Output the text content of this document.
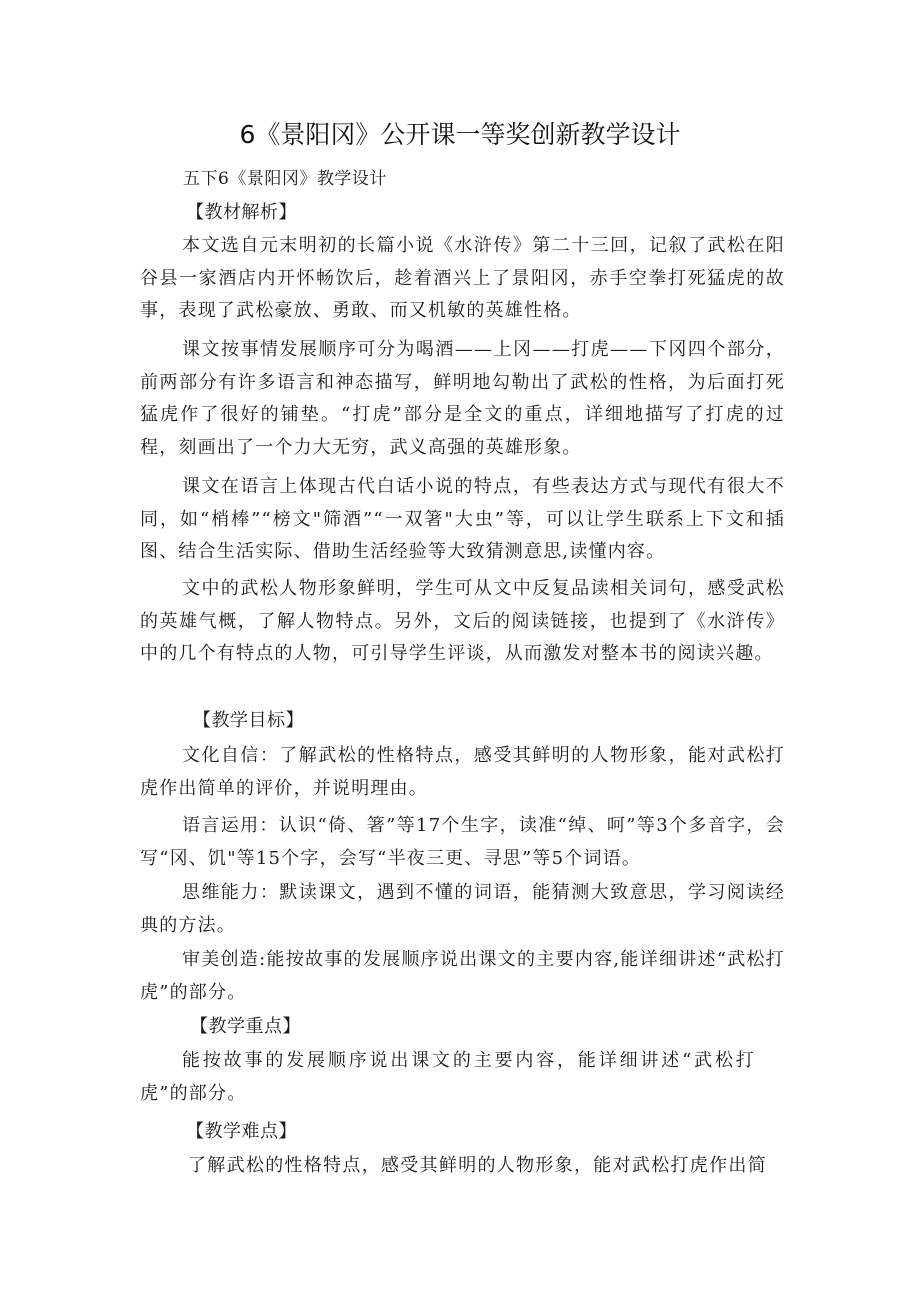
6《景阳冈》公开课一等奖创新教学设计
五下6《景阳冈》教学设计
【教材解析】

本文选自元末明初的长篇小说《水浒传》第二十三回，记叙了武松在阳谷县一家酒店内开怀畅饮后，趁着酒兴上了景阳冈，赤手空拳打死猛虎的故事，表现了武松豪放、勇敢、而又机敏的英雄性格。

课文按事情发展顺序可分为喝酒——上冈——打虎——下冈四个部分，前两部分有许多语言和神态描写，鲜明地勾勒出了武松的性格，为后面打死猛虎作了很好的铺垫。“打虎”部分是全文的重点，详细地描写了打虎的过程，刻画出了一个力大无穷，武义高强的英雄形象。

课文在语言上体现古代白话小说的特点，有些表达方式与现代有很大不同，如“梢棒”“榜文"筛酒”“一双箸"大虫”等，可以让学生联系上下文和插图、结合生活实际、借助生活经验等大致猜测意思,读懂内容。

文中的武松人物形象鲜明，学生可从文中反复品读相关词句，感受武松的英雄气概，了解人物特点。另外，文后的阅读链接，也提到了《水浒传》中的几个有特点的人物，可引导学生评谈，从而激发对整本书的阅读兴趣。

【教学目标】

文化自信：了解武松的性格特点，感受其鲜明的人物形象，能对武松打虎作出简单的评价，并说明理由。

语言运用：认识“倚、箸”等17个生字，读准“绰、呵”等3个多音字，会写“冈、饥"等15个字，会写“半夜三更、寻思”等5个词语。

思维能力：默读课文，遇到不懂的词语，能猜测大致意思，学习阅读经典的方法。

审美创造:能按故事的发展顺序说出课文的主要内容,能详细讲述“武松打虎”的部分。

【教学重点】

能按故事的发展顺序说出课文的主要内容，能详细讲述“武松打虎”的部分。

【教学难点】

了解武松的性格特点，感受其鲜明的人物形象，能对武松打虎作出简
